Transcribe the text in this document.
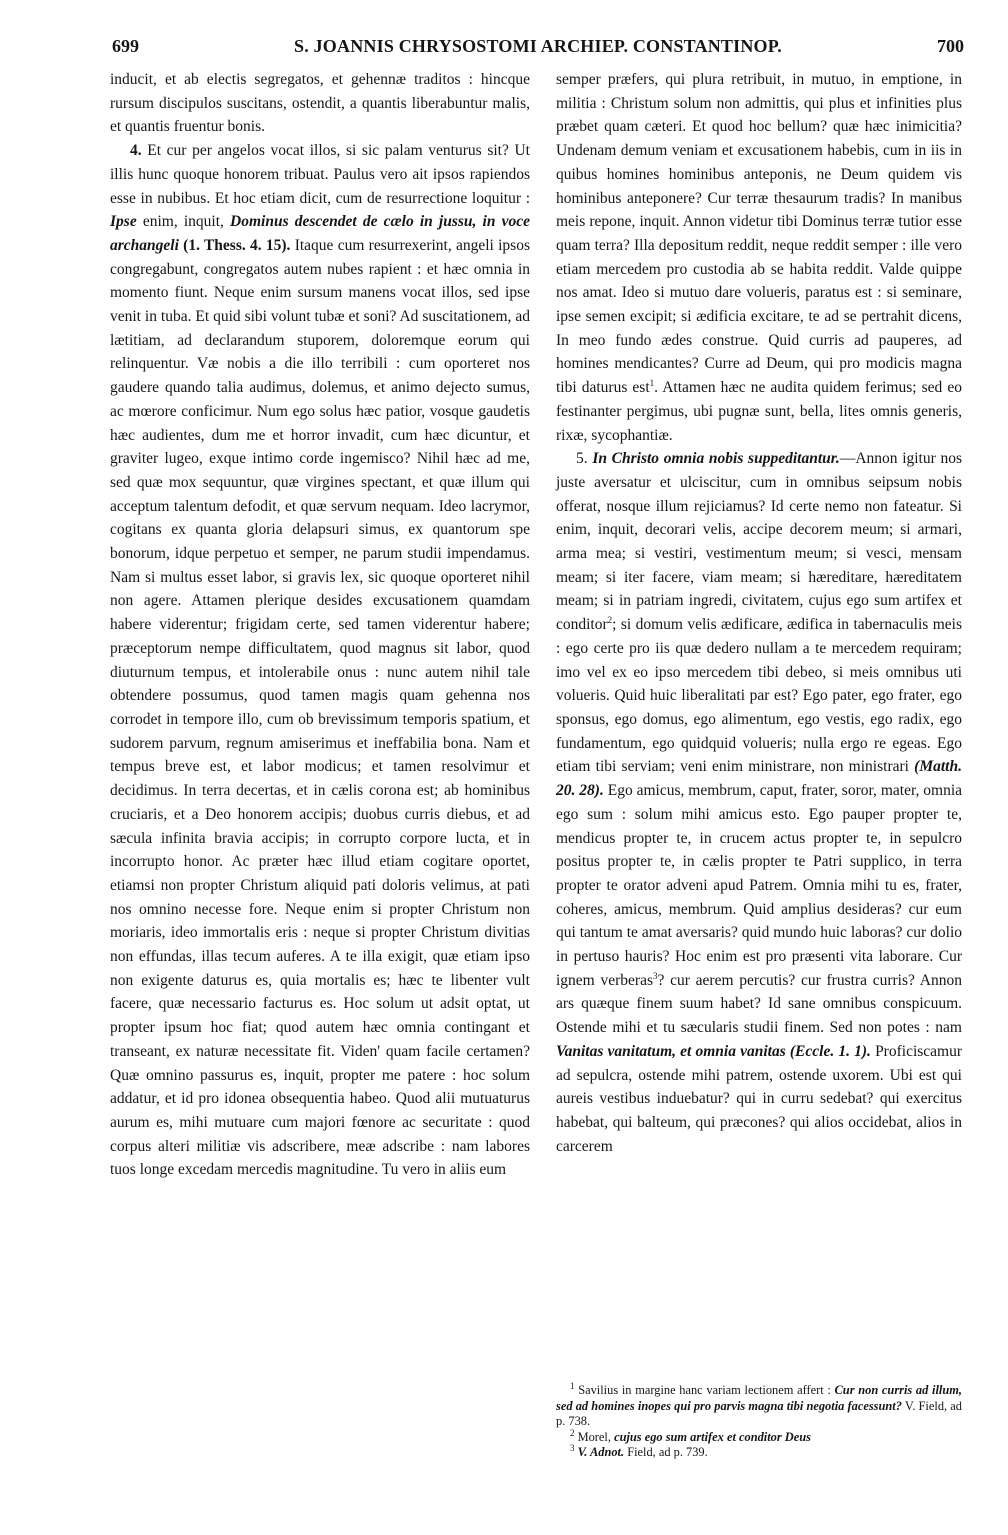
699	S. JOANNIS CHRYSOSTOMI ARCHIEP. CONSTANTINOP.	700

inducit, et ab electis segregatos, et gehennæ traditos : hincque rursum discipulos suscitans, ostendit, a quantis liberabuntur malis, et quantis fruentur bonis.

4. Et cur per angelos vocat illos, si sic palam venturus sit? Ut illis hunc quoque honorem tribuat. Paulus vero ait ipsos rapiendos esse in nubibus. Et hoc etiam dicit, cum de resurrectione loquitur : Ipse enim, inquit, Dominus descendet de cælo in jussu, in voce archangeli (1. Thess. 4. 15). Itaque cum resurrexerint, angeli ipsos congregabunt, congregatos autem nubes rapient : et hæc omnia in momento fiunt. Neque enim sursum manens vocat illos, sed ipse venit in tuba. Et quid sibi volunt tubæ et soni? Ad suscitationem, ad lætitiam, ad declarandum stuporem, doloremque eorum qui relinquentur. Væ nobis a die illo terribili : cum oporteret nos gaudere quando talia audimus, dolemus, et animo dejecto sumus, ac mœrore conficimur. Num ego solus hæc patior, vosque gaudetis hæc audientes, dum me et horror invadit, cum hæc dicuntur, et graviter lugeo, exque intimo corde ingemisco? Nihil hæc ad me, sed quæ mox sequuntur, quæ virgines spectant, et quæ illum qui acceptum talentum defodit, et quæ servum nequam. Ideo lacrymor, cogitans ex quanta gloria delapsuri simus, ex quantorum spe bonorum, idque perpetuo et semper, ne parum studii impendamus. Nam si multus esset labor, si gravis lex, sic quoque oporteret nihil non agere. Attamen plerique desides excusationem quamdam habere viderentur; frigidam certe, sed tamen viderentur habere; præceptorum nempe difficultatem, quod magnus sit labor, quod diuturnum tempus, et intolerabile onus : nunc autem nihil tale obtendere possumus, quod tamen magis quam gehenna nos corrodet in tempore illo, cum ob brevissimum temporis spatium, et sudorem parvum, regnum amiserimus et ineffabilia bona. Nam et tempus breve est, et labor modicus; et tamen resolvimur et decidimus. In terra decertas, et in cælis corona est; ab hominibus cruciaris, et a Deo honorem accipis; duobus curris diebus, et ad sæcula infinita bravia accipis; in corrupto corpore lucta, et in incorrupto honor. Ac præter hæc illud etiam cogitare oportet, etiamsi non propter Christum aliquid pati doloris velimus, at pati nos omnino necesse fore. Neque enim si propter Christum non moriaris, ideo immortalis eris : neque si propter Christum divitias non effundas, illas tecum auferes. A te illa exigit, quæ etiam ipso non exigente daturus es, quia mortalis es; hæc te libenter vult facere, quæ necessario facturus es. Hoc solum ut adsit optat, ut propter ipsum hoc fiat; quod autem hæc omnia contingant et transeant, ex naturæ necessitate fit. Viden' quam facile certamen? Quæ omnino passurus es, inquit, propter me patere : hoc solum addatur, et id pro idonea obsequentia habeo. Quod alii mutuaturus aurum es, mihi mutuare cum majori fœnore ac securitate : quod corpus alteri militiæ vis adscribere, meæ adscribe : nam labores tuos longe excedam mercedis magnitudine. Tu vero in aliis eum

semper præfers, qui plura retribuit, in mutuo, in emptione, in militia : Christum solum non admittis, qui plus et infinities plus præbet quam cæteri. Et quod hoc bellum? quæ hæc inimicitia? Undenam demum veniam et excusationem habebis, cum in iis in quibus homines hominibus anteponis, ne Deum quidem vis hominibus anteponere? Cur terræ thesaurum tradis? In manibus meis repone, inquit. Annon videtur tibi Dominus terræ tutior esse quam terra? Illa depositum reddit, neque reddit semper : ille vero etiam mercedem pro custodia ab se habita reddit. Valde quippe nos amat. Ideo si mutuo dare volueris, paratus est : si seminare, ipse semen excipit; si ædificia excitare, te ad se pertrahit dicens, In meo fundo ædes construe. Quid curris ad pauperes, ad homines mendicantes? Curre ad Deum, qui pro modicis magna tibi daturus est$^1$. Attamen hæc ne audita quidem ferimus; sed eo festinanter pergimus, ubi pugnæ sunt, bella, lites omnis generis, rixæ, sycophantiæ.

5. In Christo omnia nobis suppeditantur.—Annon igitur nos juste aversatur et ulciscitur, cum in omnibus seipsum nobis offerat, nosque illum rejiciamus? Id certe nemo non fateatur. Si enim, inquit, decorari velis, accipe decorem meum; si armari, arma mea; si vestiri, vestimentum meum; si vesci, mensam meam; si iter facere, viam meam; si hæreditare, hæreditatem meam; si in patriam ingredi, civitatem, cujus ego sum artifex et conditor$^2$; si domum velis ædificare, ædifica in tabernaculis meis : ego certe pro iis quæ dedero nullam a te mercedem requiram; imo vel ex eo ipso mercedem tibi debeo, si meis omnibus uti volueris. Quid huic liberalitati par est? Ego pater, ego frater, ego sponsus, ego domus, ego alimentum, ego vestis, ego radix, ego fundamentum, ego quidquid volueris; nulla ergo re egeas. Ego etiam tibi serviam; veni enim ministrare, non ministrari (Matth. 20. 28). Ego amicus, membrum, caput, frater, soror, mater, omnia ego sum : solum mihi amicus esto. Ego pauper propter te, mendicus propter te, in crucem actus propter te, in sepulcro positus propter te, in cælis propter te Patri supplico, in terra propter te orator adveni apud Patrem. Omnia mihi tu es, frater, coheres, amicus, membrum. Quid amplius desideras? cur eum qui tantum te amat aversaris? quid mundo huic laboras? cur dolio in pertuso hauris? Hoc enim est pro præsenti vita laborare. Cur ignem verberas$^3$? cur aerem percutis? cur frustra curris? Annon ars quæque finem suum habet? Id sane omnibus conspicuum. Ostende mihi et tu sæcularis studii finem. Sed non potes : nam Vanitas vanitatum, et omnia vanitas (Eccle. 1. 1). Proficiscamur ad sepulcra, ostende mihi patrem, ostende uxorem. Ubi est qui aureis vestibus induebatur? qui in curru sedebat? qui exercitus habebat, qui balteum, qui præcones? qui alios occidebat, alios in carcerem

$^1$ Savilius in margine hanc variam lectionem affert : Cur non curris ad illum, sed ad homines inopes qui pro parvis magna tibi negotia facessunt? V. Field, ad p. 738.

$^2$ Morel, cujus ego sum artifex et conditor Deus

$^3$ V. Adnot. Field, ad p. 739.
